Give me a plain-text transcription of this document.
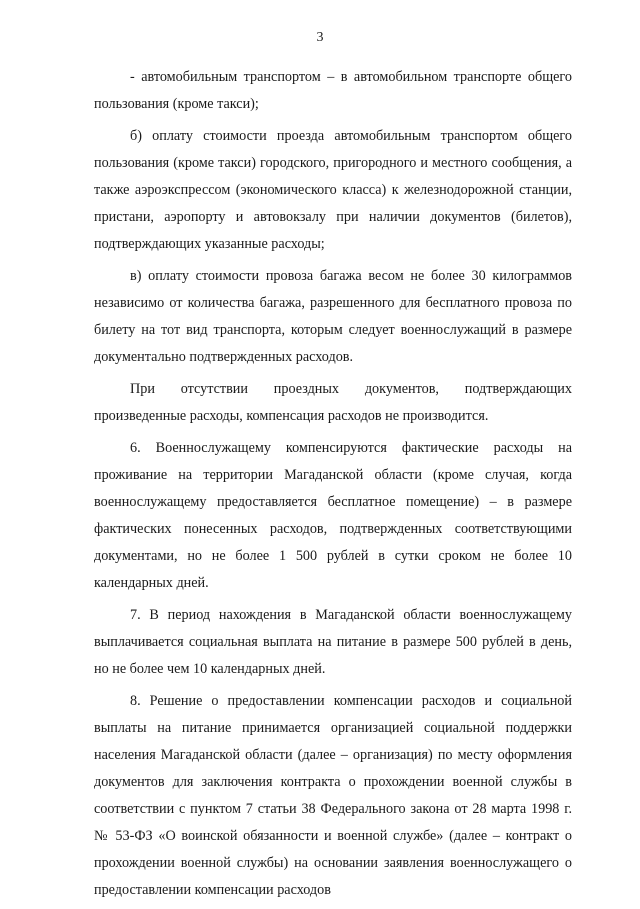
3

- автомобильным транспортом – в автомобильном транспорте общего пользования (кроме такси);

б) оплату стоимости проезда автомобильным транспортом общего пользования (кроме такси) городского, пригородного и местного сообщения, а также аэроэкспрессом (экономического класса) к железнодорожной станции, пристани, аэропорту и автовокзалу при наличии документов (билетов), подтверждающих указанные расходы;

в) оплату стоимости провоза багажа весом не более 30 килограммов независимо от количества багажа, разрешенного для бесплатного провоза по билету на тот вид транспорта, которым следует военнослужащий в размере документально подтвержденных расходов.

При отсутствии проездных документов, подтверждающих произведенные расходы, компенсация расходов не производится.

6. Военнослужащему компенсируются фактические расходы на проживание на территории Магаданской области (кроме случая, когда военнослужащему предоставляется бесплатное помещение) – в размере фактических понесенных расходов, подтвержденных соответствующими документами, но не более 1 500 рублей в сутки сроком не более 10 календарных дней.

7. В период нахождения в Магаданской области военнослужащему выплачивается социальная выплата на питание в размере 500 рублей в день, но не более чем 10 календарных дней.

8. Решение о предоставлении компенсации расходов и социальной выплаты на питание принимается организацией социальной поддержки населения Магаданской области (далее – организация) по месту оформления документов для заключения контракта о прохождении военной службы в соответствии с пунктом 7 статьи 38 Федерального закона от 28 марта 1998 г. № 53-ФЗ «О воинской обязанности и военной службе» (далее – контракт о прохождении военной службы) на основании заявления военнослужащего о предоставлении компенсации расходов
